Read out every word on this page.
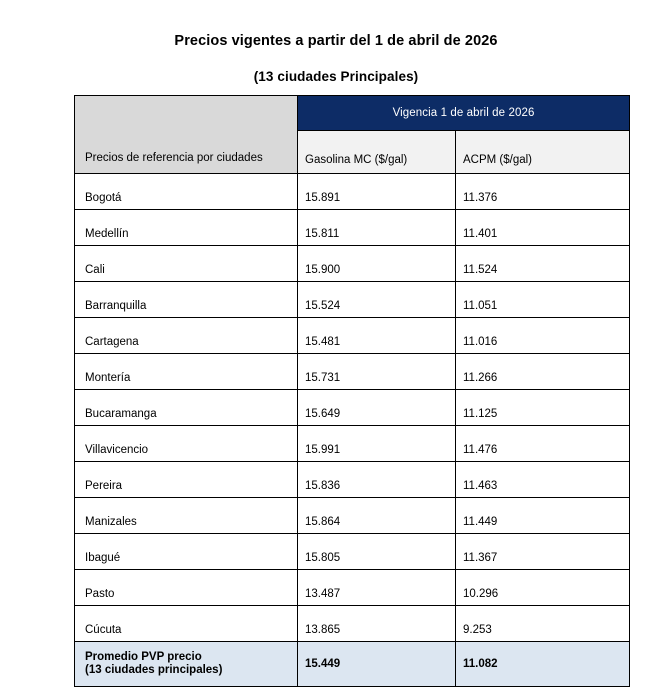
Precios vigentes a partir del 1 de abril de 2026
(13 ciudades Principales)
Precios de referencia por ciudades	Vigencia 1 de abril de 2026	
	Gasolina MC ($/gal)	ACPM ($/gal)
Bogotá	15.891	11.376
Medellín	15.811	11.401
Cali	15.900	11.524
Barranquilla	15.524	11.051
Cartagena	15.481	11.016
Montería	15.731	11.266
Bucaramanga	15.649	11.125
Villavicencio	15.991	11.476
Pereira	15.836	11.463
Manizales	15.864	11.449
Ibagué	15.805	11.367
Pasto	13.487	10.296
Cúcuta	13.865	9.253

Promedio PVP precio
(13 ciudades principales)	15.449	11.082
